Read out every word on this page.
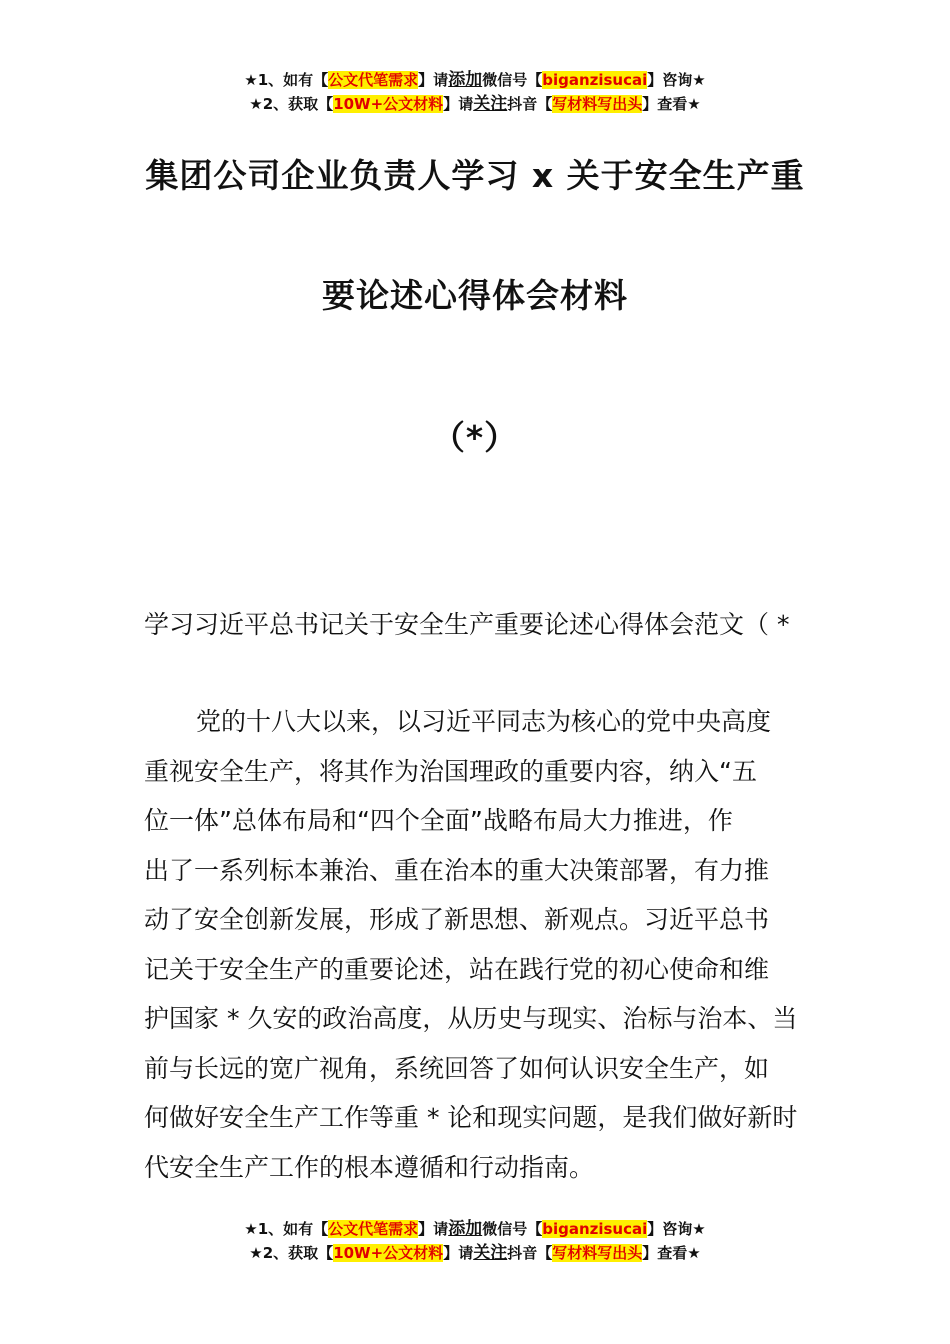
★1、如有【公文代笔需求】请添加微信号【biganzisucai】咨询★
★2、获取【10W+公文材料】请关注抖音【写材料写出头】查看★
集团公司企业负责人学习 x 关于安全生产重
要论述心得体会材料
（*）
学习习近平总书记关于安全生产重要论述心得体会范文（ *
党的十八大以来，以习近平同志为核心的党中央高度
重视安全生产，将其作为治国理政的重要内容，纳入“五
位一体”总体布局和“四个全面”战略布局大力推进，作
出了一系列标本兼治、重在治本的重大决策部署，有力推
动了安全创新发展，形成了新思想、新观点。习近平总书
记关于安全生产的重要论述，站在践行党的初心使命和维
护国家 * 久安的政治高度，从历史与现实、治标与治本、当
前与长远的宽广视角，系统回答了如何认识安全生产，如
何做好安全生产工作等重 * 论和现实问题，是我们做好新时
代安全生产工作的根本遵循和行动指南。
★1、如有【公文代笔需求】请添加微信号【biganzisucai】咨询★
★2、获取【10W+公文材料】请关注抖音【写材料写出头】查看★
